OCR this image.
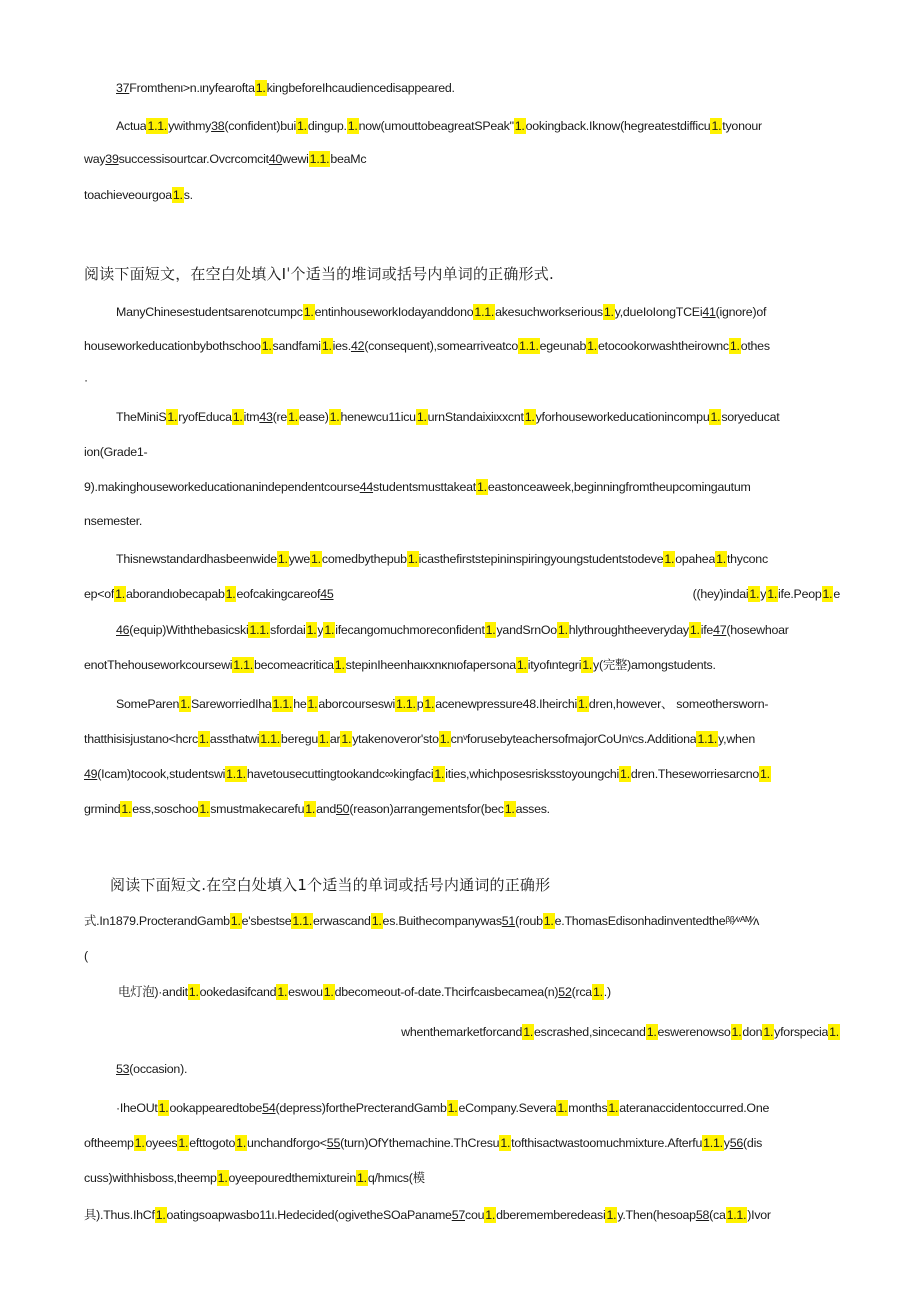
37Fromthenι>n.ιnyfearofta1.kingbeforeIhcaudiencedisappeared.
Actua1.1.ywithmy38(confident)bui1.dingup.1.now(umouttobeagreatSPeak"1.ookingback.Iknow(hegreatestdifficu1.tyonour
way39successisourtcar.Ovcrcomcit40wewi1.1.beaMc
toachieveourgoa1.s.
阅读下面短文，在空白处填入Iˈ个适当的堆词或括号内单词的正确形式.
ManyChinesestudentsarenotcumpc1.entinhouseworkIodayanddono1.1.akesuchworkserious1.y,dueIoIongTCEi41(ignore)of
houseworkeducationbybothschoo1.sandfami1.ies.42(consequent),somearriveatco1.1.egeunab1.etocookorwashtheirownc1.othes
·
TheMiniS1.ryofEduca1.itm43(re1.ease)1.henewcu11icu1.urnStandaixiιxxcnt1.yforhouseworkeducationincompu1.soryeducat
ion(Grade1-
9).makinghouseworkeducationanindependentcourse44studentsmusttakeat1.eastonceaweek,beginningfromtheupcomingautum
nsemester.
Thisnewstandardhasbeenwide1.ywe1.comedbythepub1.icasthefirststepininspiringyoungstudentstodeve1.opahea1.thyconc
ep<of1.aborandιobecapab1.eofcakingcareof45	((hey)indai1.y1.ife.Peop1.e
46(equip)Withthebasicski1.1.sfordai1.y1.ifecangomuchmoreconfident1.yandSrnOo1.hlythroughtheeveryday1.ife47(hosewhoar
enotThehouseworkcoursewi1.1.becomeacritica1.stepinIheenhaιĸxnĸnιofapersona1.ityofιntegri1.y(完整)amongstudents.
SomeParen1.SareworriedIha1.1.he1.aborcourseswi1.1.p1.acenewpressure48.Iheirchi1.dren,however、 someothersworn-
thatthisisjustano<hcrc1.assthatwi1.1.beregu1.ar1.ytakenoveror'sto1.cnᵛforusebyteachersofmajorCoUnᵞcs.Additiona1.1.y,when
49(Icam)tocook,studentswi1.1.havetousecuttingtookandc∞kingfaci1.ities,whichposesrisksstoyoungchi1.dren.Theseworriesarcno1.
grmind1.ess,soschoo1.smustmakecarefu1.and50(reason)arrangementsfor(bec1.asses.
阅读下面短文.在空白处填入1个适当的单词或括号内通词的正确形
式.In1879.ProcterandGamb1.e'sbestse1.1.erwascand1.es.Buithecompanywas51(roub1.e.ThomasEdisonhadinventedtheᵝᵝ⁄ᵛᴬᴹ⁄ᴧ
(
电灯泡)·andit1.ookedasifcand1.eswou1.dbecomeout-of-date.Thcirfcaιsbecamea(n)52(rca1..)
whenthemarketforcand1.escrashed,sincecand1.eswerenowso1.don1.yforspecia1.
53(occasion).
·IheOUt1.ookappearedtobe54(depress)forthePrecterandGamb1.eCompany.Severa1.months1.ateranaccidentoccurred.One
oftheemp1.oyees1.efttogoto1.unchandforgo<55(turn)OfYthemachine.ThCresu1.tofthisactwastoomuchmixture.Afterfu1.1.y56(dis
cuss)withhisboss,theemp1.oyeepouredthemixturein1.q/hmιcs(模
具).Thus.IhCf1.oatingsoapwasbo11ι.Hedecided(ogivetheSOaPaname57cou1.dberememberedeasi1.y.Then(hesoap58(ca1.1.)Ivor
